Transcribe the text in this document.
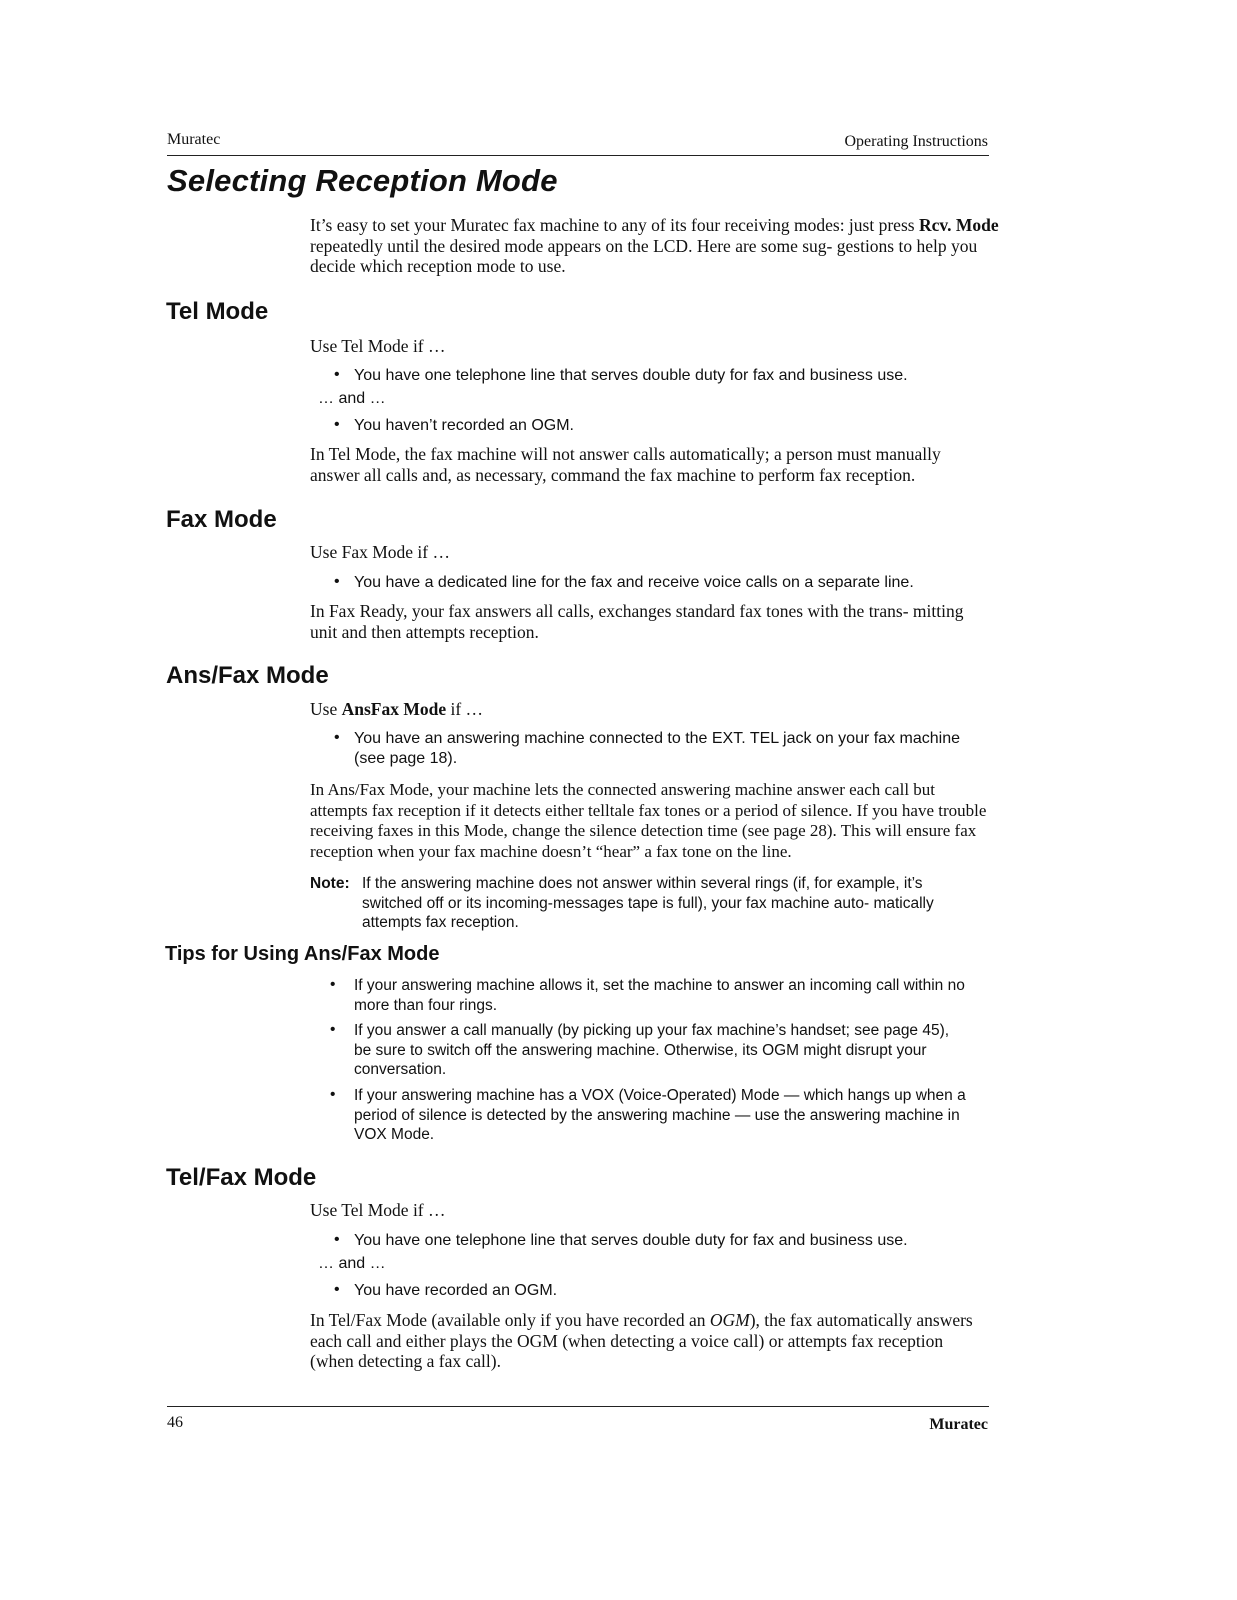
Muratec	Operating Instructions
Selecting Reception Mode
It’s easy to set your Muratec fax machine to any of its four receiving modes: just press Rcv. Mode repeatedly until the desired mode appears on the LCD. Here are some sug- gestions to help you decide which reception mode to use.
Tel Mode
Use Tel Mode if …
• You have one telephone line that serves double duty for fax and business use.
… and …
• You haven’t recorded an OGM.
In Tel Mode, the fax machine will not answer calls automatically; a person must manually answer all calls and, as necessary, command the fax machine to perform fax reception.
Fax Mode
Use Fax Mode if …
• You have a dedicated line for the fax and receive voice calls on a separate line.
In Fax Ready, your fax answers all calls, exchanges standard fax tones with the trans- mitting unit and then attempts reception.
Ans/Fax Mode
Use AnsFax Mode if …
• You have an answering machine connected to the EXT. TEL jack on your fax machine (see page 18).
In Ans/Fax Mode, your machine lets the connected answering machine answer each call but attempts fax reception if it detects either telltale fax tones or a period of silence. If you have trouble receiving faxes in this Mode, change the silence detection time (see page 28). This will ensure fax reception when your fax machine doesn’t “hear” a fax tone on the line.
Note: If the answering machine does not answer within several rings (if, for example, it’s switched off or its incoming-messages tape is full), your fax machine auto- matically attempts fax reception.
Tips for Using Ans/Fax Mode
• If your answering machine allows it, set the machine to answer an incoming call within no more than four rings.
• If you answer a call manually (by picking up your fax machine’s handset; see page 45), be sure to switch off the answering machine. Otherwise, its OGM might disrupt your conversation.
• If your answering machine has a VOX (Voice-Operated) Mode — which hangs up when a period of silence is detected by the answering machine — use the answering machine in VOX Mode.
Tel/Fax Mode
Use Tel Mode if …
• You have one telephone line that serves double duty for fax and business use.
… and …
• You have recorded an OGM.
In Tel/Fax Mode (available only if you have recorded an OGM), the fax automatically answers each call and either plays the OGM (when detecting a voice call) or attempts fax reception (when detecting a fax call).
46	Muratec
